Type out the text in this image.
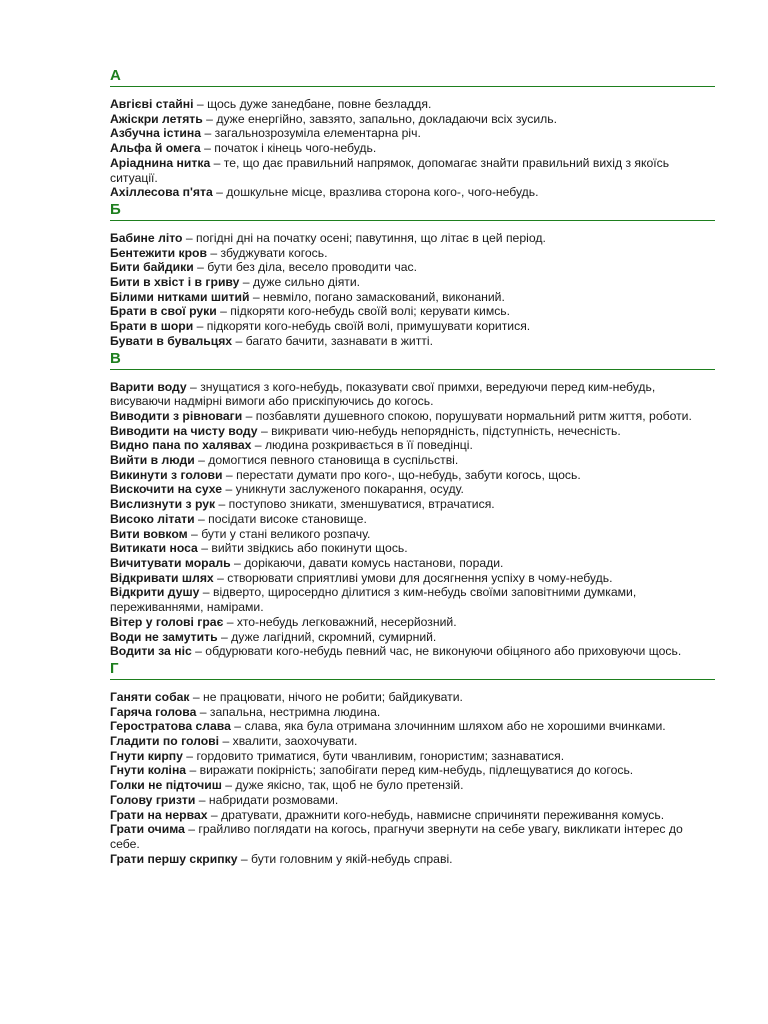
А

Авгієві стайні – щось дуже занедбане, повне безладдя.

Ажіскри летять – дуже енергійно, завзято, запально, докладаючи всіх зусиль.

Азбучна істина – загальнозрозуміла елементарна річ.

Альфа й омега – початок і кінець чого-небудь.

Аріаднина нитка – те, що дає правильний напрямок, допомагає знайти правильний вихід з якоїсь ситуації.

Ахіллесова п'ята – дошкульне місце, вразлива сторона кого-, чого-небудь.

Б

Бабине літо – погідні дні на початку осені; павутиння, що літає в цей період.

Бентежити кров – збуджувати когось.

Бити байдики – бути без діла, весело проводити час.

Бити в хвіст і в гриву – дуже сильно діяти.

Білими нитками шитий – невміло, погано замаскований, виконаний.

Брати в свої руки – підкоряти кого-небудь своїй волі; керувати кимсь.

Брати в шори – підкоряти кого-небудь своїй волі, примушувати коритися.

Бувати в бувальцях – багато бачити, зазнавати в житті.

В

Варити воду – знущатися з кого-небудь, показувати свої примхи, вередуючи перед ким-небудь, висуваючи надмірні вимоги або прискіпуючись до когось.

Виводити з рівноваги – позбавляти душевного спокою, порушувати нормальний ритм життя, роботи.

Виводити на чисту воду – викривати чию-небудь непорядність, підступність, нечесність.

Видно пана по халявах – людина розкривається в її поведінці.

Вийти в люди – домогтися певного становища в суспільстві.

Викинути з голови – перестати думати про кого-, що-небудь, забути когось, щось.

Вискочити на сухе – уникнути заслуженого покарання, осуду.

Вислизнути з рук – поступово зникати, зменшуватися, втрачатися.

Високо літати – посідати високе становище.

Вити вовком – бути у стані великого розпачу.

Витикати носа – вийти звідкись або покинути щось.

Вичитувати мораль – дорікаючи, давати комусь настанови, поради.

Відкривати шлях – створювати сприятливі умови для досягнення успіху в чому-небудь.

Відкрити душу – відверто, щиросердно ділитися з ким-небудь своїми заповітними думками, переживаннями, намірами.

Вітер у голові грає – хто-небудь легковажний, несерйозний.

Води не замутить – дуже лагідний, скромний, сумирний.

Водити за ніс – обдурювати кого-небудь певний час, не виконуючи обіцяного або приховуючи щось.

Г

Ганяти собак – не працювати, нічого не робити; байдикувати.

Гаряча голова – запальна, нестримна людина.

Геростратова слава – слава, яка була отримана злочинним шляхом або не хорошими вчинками.

Гладити по голові – хвалити, заохочувати.

Гнути кирпу – гордовито триматися, бути чванливим, гонористим; зазнаватися.

Гнути коліна – виражати покірність; запобігати перед ким-небудь, підлещуватися до когось.

Голки не підточиш – дуже якісно, так, щоб не було претензій.

Голову гризти – набридати розмовами.

Грати на нервах – дратувати, дражнити кого-небудь, навмисне спричиняти переживання комусь.

Грати очима – грайливо поглядати на когось, прагнучи звернути на себе увагу, викликати інтерес до себе.

Грати першу скрипку – бути головним у якій-небудь справі.
